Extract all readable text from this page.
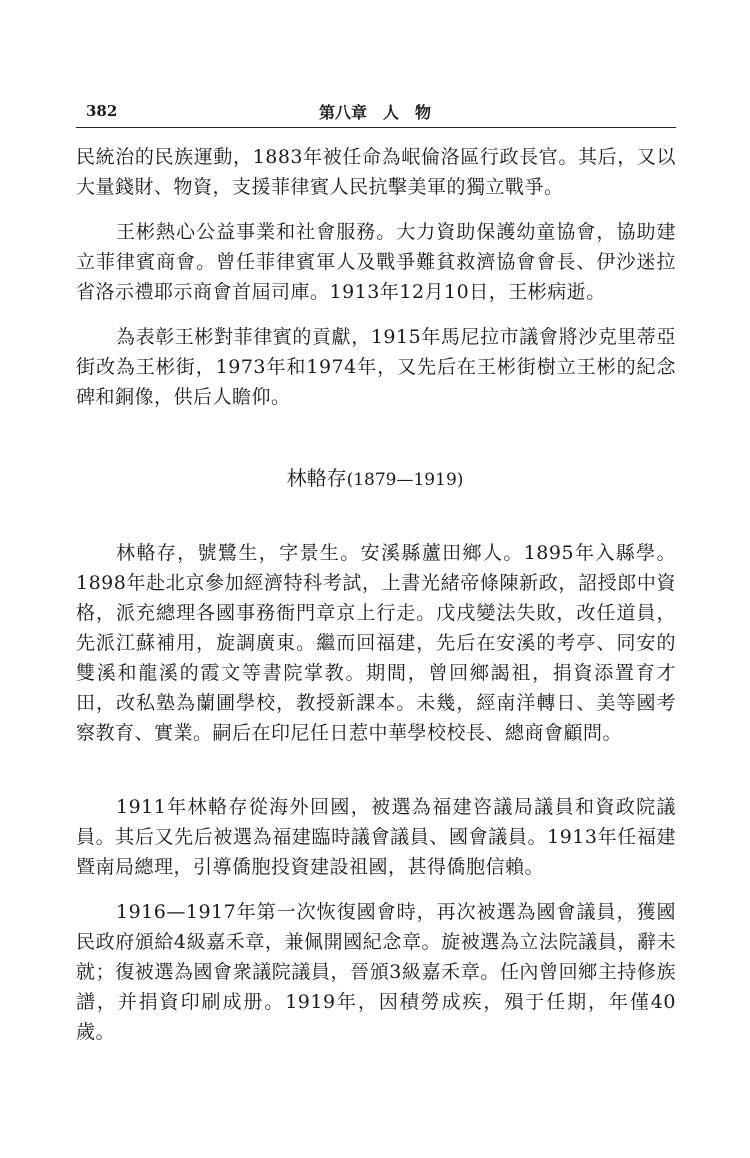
382	第八章　人　物

民統治的民族運動，1883年被任命為岷倫洛區行政長官。其后，又以大量錢財、物資，支援菲律賓人民抗擊美軍的獨立戰爭。

王彬熱心公益事業和社會服務。大力資助保護幼童協會，協助建立菲律賓商會。曾任菲律賓軍人及戰爭難貧救濟協會會長、伊沙迷拉省洛示禮耶示商會首屆司庫。1913年12月10日，王彬病逝。

為表彰王彬對菲律賓的貢獻，1915年馬尼拉市議會將沙克里蒂亞街改為王彬街，1973年和1974年，又先后在王彬街樹立王彬的紀念碑和銅像，供后人瞻仰。

林輅存(1879—1919)

林輅存，號鷺生，字景生。安溪縣蘆田鄉人。1895年入縣學。1898年赴北京參加經濟特科考試，上書光緒帝條陳新政，詔授郎中資格，派充總理各國事務衙門章京上行走。戊戌變法失敗，改任道員，先派江蘇補用，旋調廣東。繼而回福建，先后在安溪的考亭、同安的雙溪和龍溪的霞文等書院掌教。期間，曾回鄉謁祖，捐資添置育才田，改私塾為蘭圃學校，教授新課本。未幾，經南洋轉日、美等國考察教育、實業。嗣后在印尼任日惹中華學校校長、總商會顧問。

1911年林輅存從海外回國，被選為福建咨議局議員和資政院議員。其后又先后被選為福建臨時議會議員、國會議員。1913年任福建暨南局總理，引導僑胞投資建設祖國，甚得僑胞信賴。

1916—1917年第一次恢復國會時，再次被選為國會議員，獲國民政府頒給4級嘉禾章，兼佩開國紀念章。旋被選為立法院議員，辭未就；復被選為國會衆議院議員，晉頒3級嘉禾章。任內曾回鄉主持修族譜，并捐資印刷成册。1919年，因積勞成疾，殞于任期，年僅40歲。
